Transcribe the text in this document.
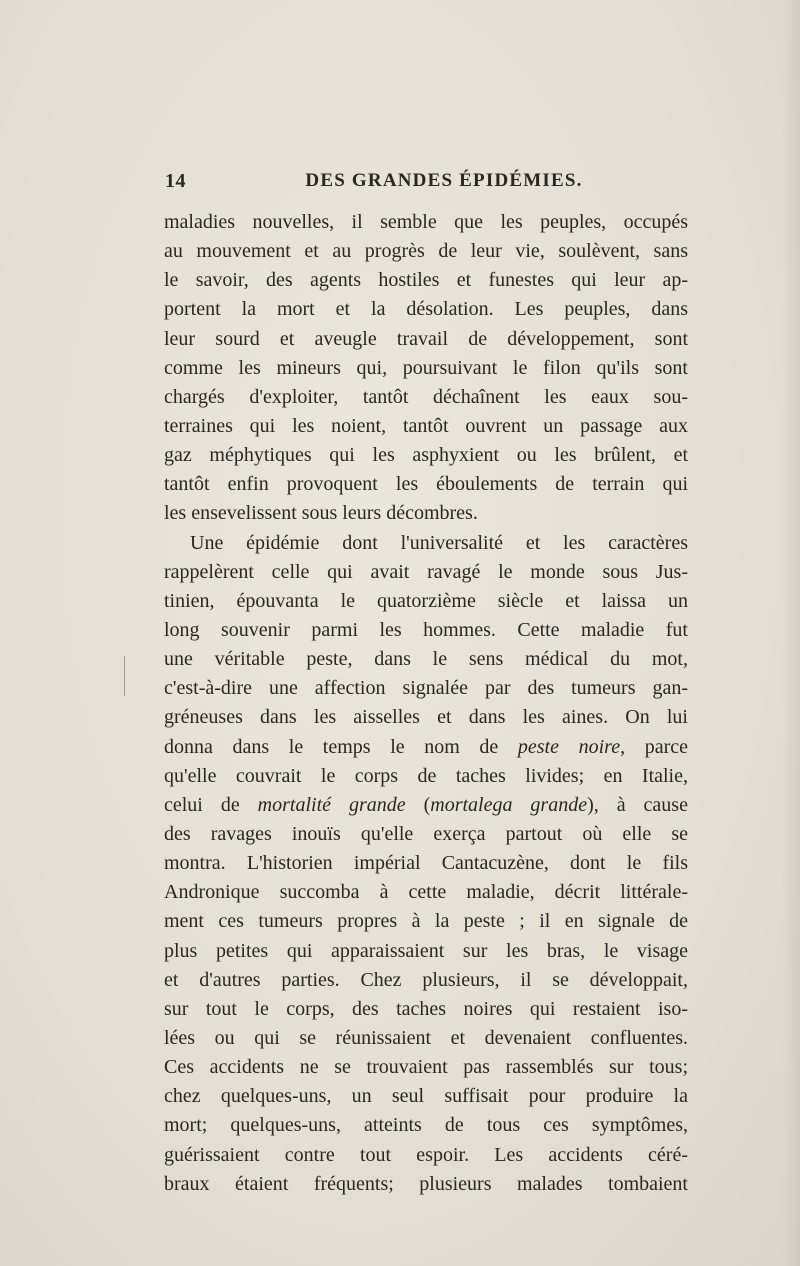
14	DES GRANDES ÉPIDÉMIES.
maladies nouvelles, il semble que les peuples, occupés
au mouvement et au progrès de leur vie, soulèvent, sans
le savoir, des agents hostiles et funestes qui leur ap-
portent la mort et la désolation. Les peuples, dans
leur sourd et aveugle travail de développement, sont
comme les mineurs qui, poursuivant le filon qu'ils sont
chargés d'exploiter, tantôt déchaînent les eaux sou-
terraines qui les noient, tantôt ouvrent un passage aux
gaz méphytiques qui les asphyxient ou les brûlent, et
tantôt enfin provoquent les éboulements de terrain qui
les ensevelissent sous leurs décombres.
Une épidémie dont l'universalité et les caractères
rappelèrent celle qui avait ravagé le monde sous Jus-
tinien, épouvanta le quatorzième siècle et laissa un
long souvenir parmi les hommes. Cette maladie fut
une véritable peste, dans le sens médical du mot,
c'est-à-dire une affection signalée par des tumeurs gan-
gréneuses dans les aisselles et dans les aines. On lui
donna dans le temps le nom de peste noire, parce
qu'elle couvrait le corps de taches livides; en Italie,
celui de mortalité grande (mortalega grande), à cause
des ravages inouïs qu'elle exerça partout où elle se
montra. L'historien impérial Cantacuzène, dont le fils
Andronique succomba à cette maladie, décrit littérale-
ment ces tumeurs propres à la peste ; il en signale de
plus petites qui apparaissaient sur les bras, le visage
et d'autres parties. Chez plusieurs, il se développait,
sur tout le corps, des taches noires qui restaient iso-
lées ou qui se réunissaient et devenaient confluentes.
Ces accidents ne se trouvaient pas rassemblés sur tous;
chez quelques-uns, un seul suffisait pour produire la
mort; quelques-uns, atteints de tous ces symptômes,
guérissaient contre tout espoir. Les accidents céré-
braux étaient fréquents; plusieurs malades tombaient
